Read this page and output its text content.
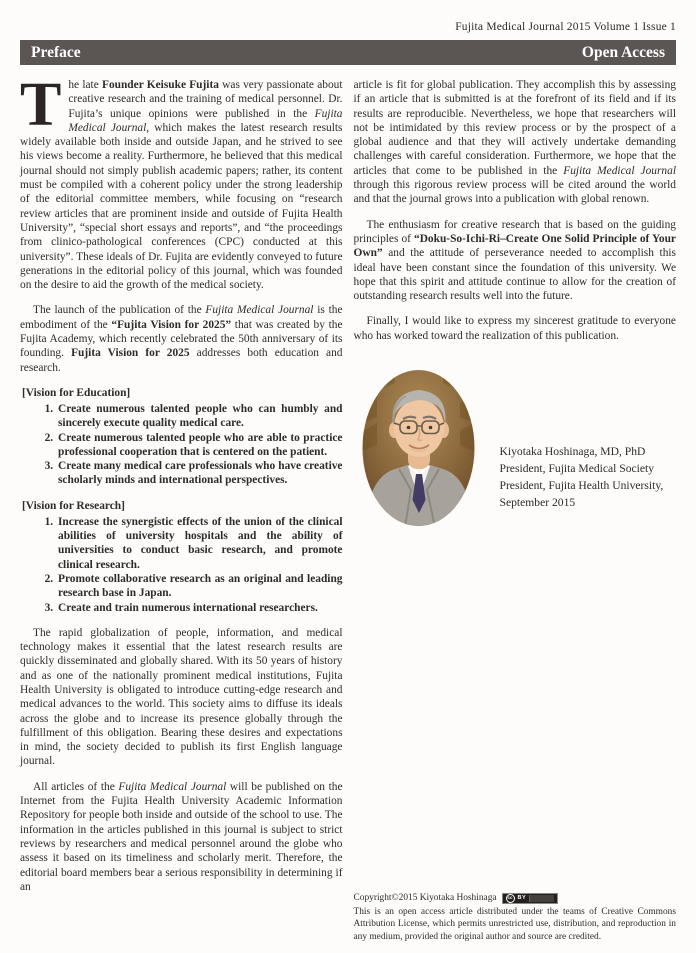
Fujita Medical Journal 2015 Volume 1 Issue 1
Preface	Open Access

The late Founder Keisuke Fujita was very passionate about creative research and the training of medical personnel. Dr. Fujita’s unique opinions were published in the Fujita Medical Journal, which makes the latest research results widely available both inside and outside Japan, and he strived to see his views become a reality. Furthermore, he believed that this medical journal should not simply publish academic papers; rather, its content must be compiled with a coherent policy under the strong leadership of the editorial committee members, while focusing on “research review articles that are prominent inside and outside of Fujita Health University”, “special short essays and reports”, and “the proceedings from clinico-pathological conferences (CPC) conducted at this university”. These ideals of Dr. Fujita are evidently conveyed to future generations in the editorial policy of this journal, which was founded on the desire to aid the growth of the medical society.

The launch of the publication of the Fujita Medical Journal is the embodiment of the “Fujita Vision for 2025” that was created by the Fujita Academy, which recently celebrated the 50th anniversary of its founding. Fujita Vision for 2025 addresses both education and research.

[Vision for Education]
1. Create numerous talented people who can humbly and sincerely execute quality medical care.
2. Create numerous talented people who are able to practice professional cooperation that is centered on the patient.
3. Create many medical care professionals who have creative scholarly minds and international perspectives.
[Vision for Research]
1. Increase the synergistic effects of the union of the clinical abilities of university hospitals and the ability of universities to conduct basic research, and promote clinical research.
2. Promote collaborative research as an original and leading research base in Japan.
3. Create and train numerous international researchers.

The rapid globalization of people, information, and medical technology makes it essential that the latest research results are quickly disseminated and globally shared. With its 50 years of history and as one of the nationally prominent medical institutions, Fujita Health University is obligated to introduce cutting-edge research and medical advances to the world. This society aims to diffuse its ideals across the globe and to increase its presence globally through the fulfillment of this obligation. Bearing these desires and expectations in mind, the society decided to publish its first English language journal.

All articles of the Fujita Medical Journal will be published on the Internet from the Fujita Health University Academic Information Repository for people both inside and outside of the school to use. The information in the articles published in this journal is subject to strict reviews by researchers and medical personnel around the globe who assess it based on its timeliness and scholarly merit. Therefore, the editorial board members bear a serious responsibility in determining if an

article is fit for global publication. They accomplish this by assessing if an article that is submitted is at the forefront of its field and if its results are reproducible. Nevertheless, we hope that researchers will not be intimidated by this review process or by the prospect of a global audience and that they will actively undertake demanding challenges with careful consideration. Furthermore, we hope that the articles that come to be published in the Fujita Medical Journal through this rigorous review process will be cited around the world and that the journal grows into a publication with global renown.

The enthusiasm for creative research that is based on the guiding principles of “Doku-So-Ichi-Ri–Create One Solid Principle of Your Own” and the attitude of perseverance needed to accomplish this ideal have been constant since the foundation of this university. We hope that this spirit and attitude continue to allow for the creation of outstanding research results well into the future.

Finally, I would like to express my sincerest gratitude to everyone who has worked toward the realization of this publication.

Kiyotaka Hoshinaga, MD, PhD
President, Fujita Medical Society
President, Fujita Health University,
September 2015
Copyright©2015 Kiyotaka Hoshinaga	cc BY

This is an open access article distributed under the teams of Creative Commons Attribution License, which permits unrestricted use, distribution, and reproduction in any medium, provided the original author and source are credited.
